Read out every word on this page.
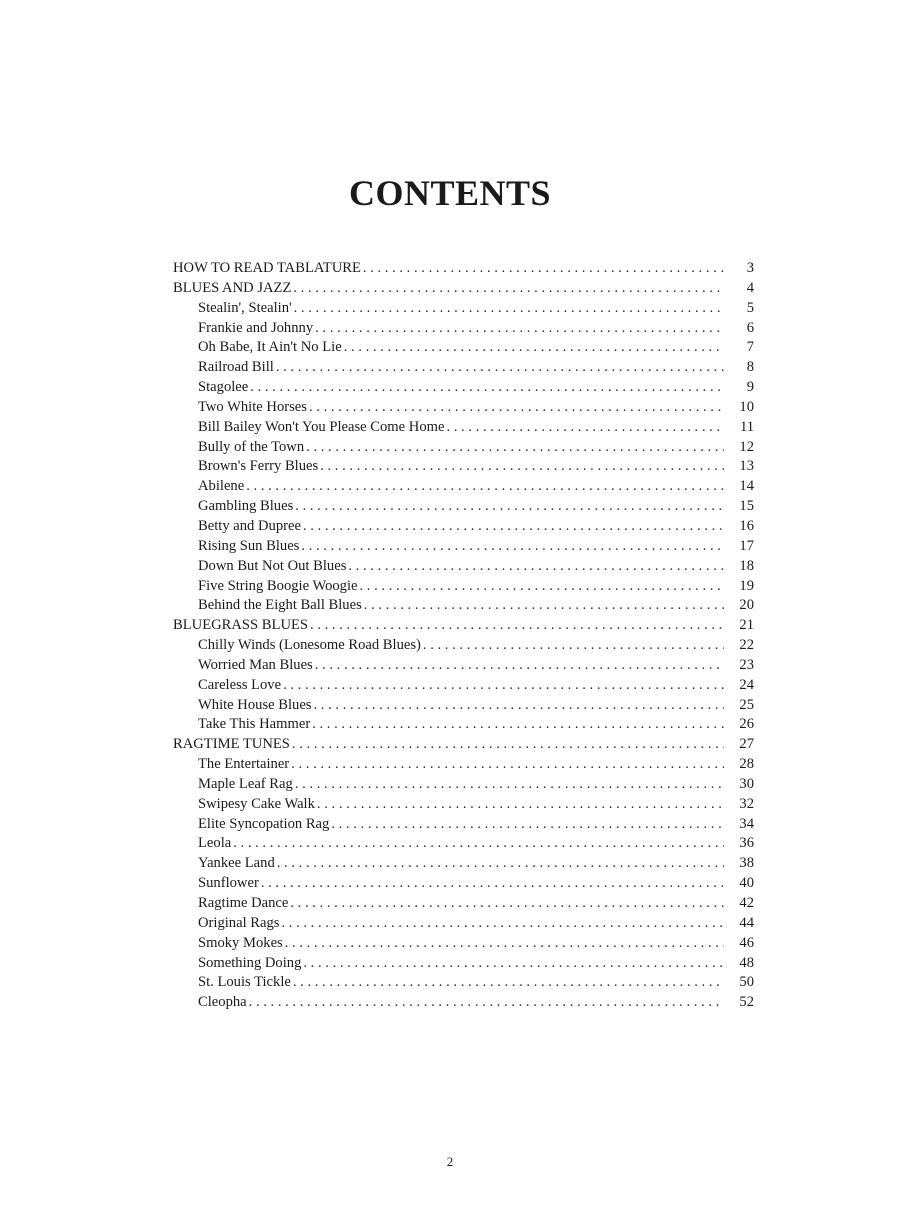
CONTENTS
HOW TO READ TABLATURE . . .	3
BLUES AND JAZZ . . .	4
Stealin', Stealin' . . .	5
Frankie and Johnny . . .	6
Oh Babe, It Ain't No Lie . . .	7
Railroad Bill . . .	8
Stagolee . . .	9
Two White Horses . . .	10
Bill Bailey Won't You Please Come Home . . .	11
Bully of the Town . . .	12
Brown's Ferry Blues . . .	13
Abilene . . .	14
Gambling Blues . . .	15
Betty and Dupree . . .	16
Rising Sun Blues . . .	17
Down But Not Out Blues . . .	18
Five String Boogie Woogie . . .	19
Behind the Eight Ball Blues . . .	20
BLUEGRASS BLUES . . .	21
Chilly Winds (Lonesome Road Blues) . . .	22
Worried Man Blues . . .	23
Careless Love . . .	24
White House Blues . . .	25
Take This Hammer . . .	26
RAGTIME TUNES . . .	27
The Entertainer . . .	28
Maple Leaf Rag . . .	30
Swipesy Cake Walk . . .	32
Elite Syncopation Rag . . .	34
Leola . . .	36
Yankee Land . . .	38
Sunflower . . .	40
Ragtime Dance . . .	42
Original Rags . . .	44
Smoky Mokes . . .	46
Something Doing . . .	48
St. Louis Tickle . . .	50
Cleopha . . .	52
2
